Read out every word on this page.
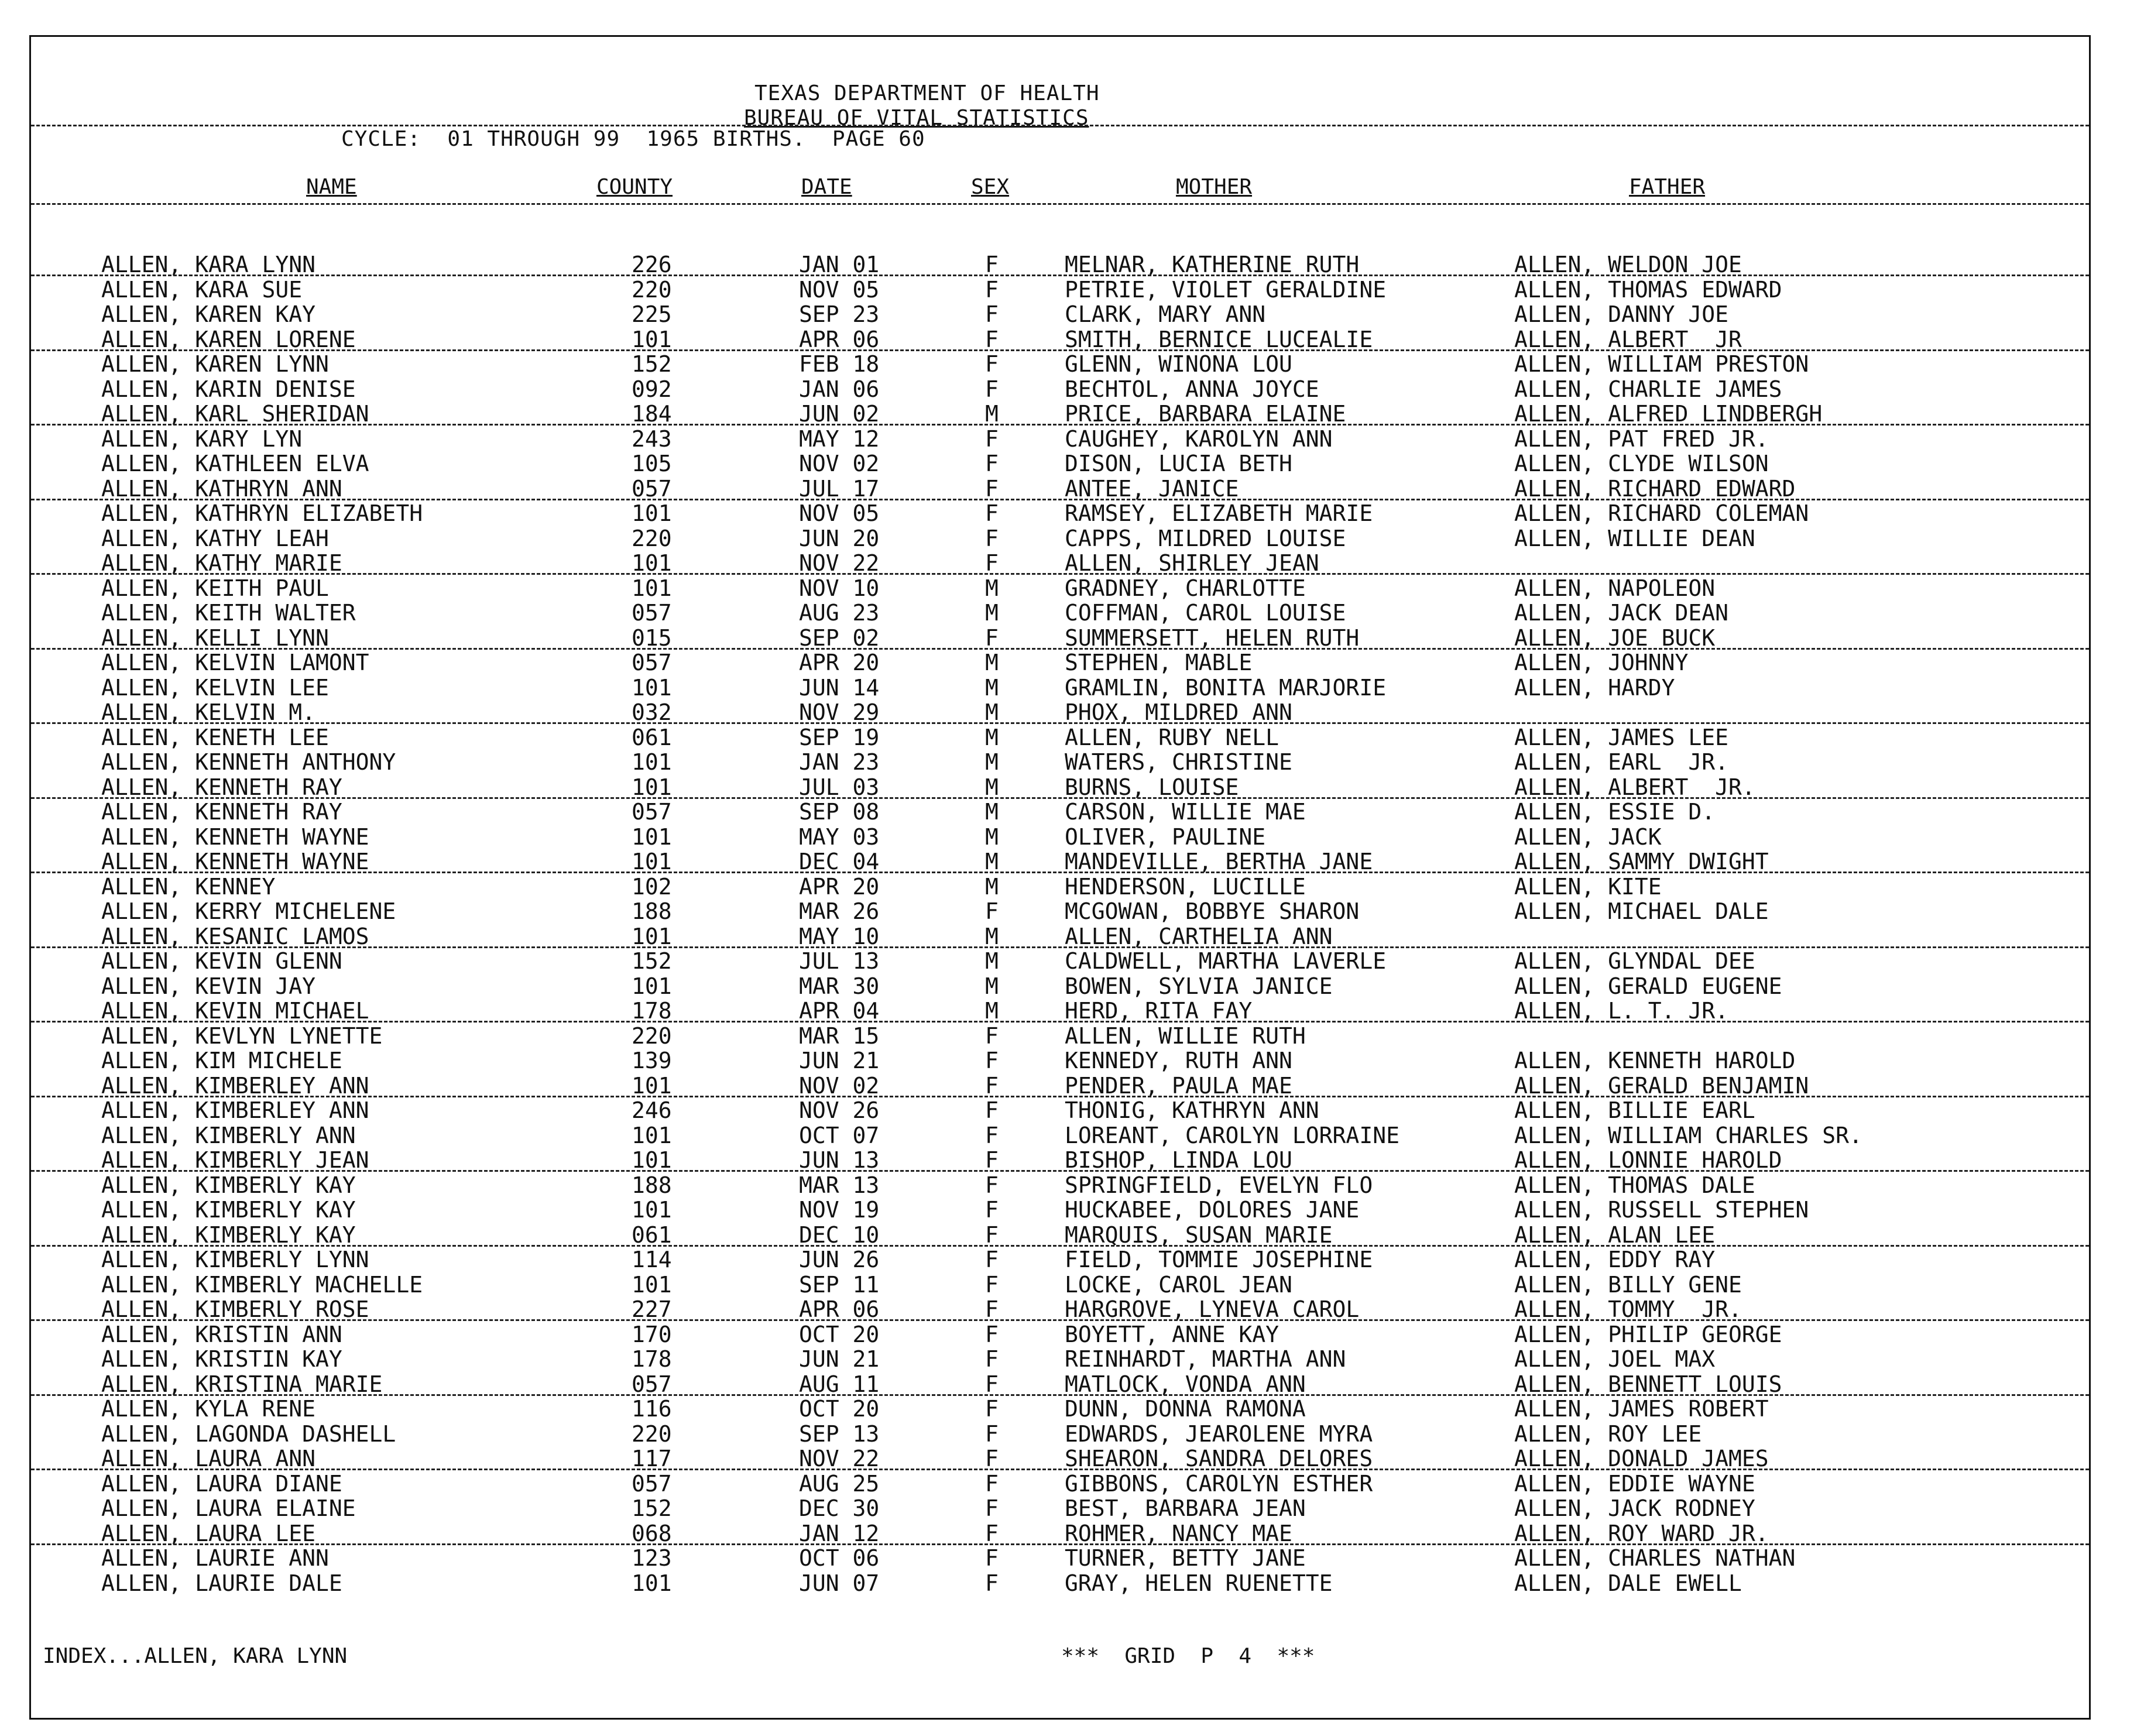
TEXAS DEPARTMENT OF HEALTH
BUREAU OF VITAL STATISTICS
CYCLE:  01 THROUGH 99  1965 BIRTHS.  PAGE 60
NAME	COUNTY	DATE	SEX	MOTHER	FATHER
ALLEN, KARA LYNN	226	JAN 01	F	MELNAR, KATHERINE RUTH	ALLEN, WELDON JOE
ALLEN, KARA SUE	220	NOV 05	F	PETRIE, VIOLET GERALDINE	ALLEN, THOMAS EDWARD
ALLEN, KAREN KAY	225	SEP 23	F	CLARK, MARY ANN	ALLEN, DANNY JOE
ALLEN, KAREN LORENE	101	APR 06	F	SMITH, BERNICE LUCEALIE	ALLEN, ALBERT  JR
ALLEN, KAREN LYNN	152	FEB 18	F	GLENN, WINONA LOU	ALLEN, WILLIAM PRESTON
ALLEN, KARIN DENISE	092	JAN 06	F	BECHTOL, ANNA JOYCE	ALLEN, CHARLIE JAMES
ALLEN, KARL SHERIDAN	184	JUN 02	M	PRICE, BARBARA ELAINE	ALLEN, ALFRED LINDBERGH
ALLEN, KARY LYN	243	MAY 12	F	CAUGHEY, KAROLYN ANN	ALLEN, PAT FRED JR.
ALLEN, KATHLEEN ELVA	105	NOV 02	F	DISON, LUCIA BETH	ALLEN, CLYDE WILSON
ALLEN, KATHRYN ANN	057	JUL 17	F	ANTEE, JANICE	ALLEN, RICHARD EDWARD
ALLEN, KATHRYN ELIZABETH	101	NOV 05	F	RAMSEY, ELIZABETH MARIE	ALLEN, RICHARD COLEMAN
ALLEN, KATHY LEAH	220	JUN 20	F	CAPPS, MILDRED LOUISE	ALLEN, WILLIE DEAN
ALLEN, KATHY MARIE	101	NOV 22	F	ALLEN, SHIRLEY JEAN
ALLEN, KEITH PAUL	101	NOV 10	M	GRADNEY, CHARLOTTE	ALLEN, NAPOLEON
ALLEN, KEITH WALTER	057	AUG 23	M	COFFMAN, CAROL LOUISE	ALLEN, JACK DEAN
ALLEN, KELLI LYNN	015	SEP 02	F	SUMMERSETT, HELEN RUTH	ALLEN, JOE BUCK
ALLEN, KELVIN LAMONT	057	APR 20	M	STEPHEN, MABLE	ALLEN, JOHNNY
ALLEN, KELVIN LEE	101	JUN 14	M	GRAMLIN, BONITA MARJORIE	ALLEN, HARDY
ALLEN, KELVIN M.	032	NOV 29	M	PHOX, MILDRED ANN
ALLEN, KENETH LEE	061	SEP 19	M	ALLEN, RUBY NELL	ALLEN, JAMES LEE
ALLEN, KENNETH ANTHONY	101	JAN 23	M	WATERS, CHRISTINE	ALLEN, EARL  JR.
ALLEN, KENNETH RAY	101	JUL 03	M	BURNS, LOUISE	ALLEN, ALBERT  JR.
ALLEN, KENNETH RAY	057	SEP 08	M	CARSON, WILLIE MAE	ALLEN, ESSIE D.
ALLEN, KENNETH WAYNE	101	MAY 03	M	OLIVER, PAULINE	ALLEN, JACK
ALLEN, KENNETH WAYNE	101	DEC 04	M	MANDEVILLE, BERTHA JANE	ALLEN, SAMMY DWIGHT
ALLEN, KENNEY	102	APR 20	M	HENDERSON, LUCILLE	ALLEN, KITE
ALLEN, KERRY MICHELENE	188	MAR 26	F	MCGOWAN, BOBBYE SHARON	ALLEN, MICHAEL DALE
ALLEN, KESANIC LAMOS	101	MAY 10	M	ALLEN, CARTHELIA ANN
ALLEN, KEVIN GLENN	152	JUL 13	M	CALDWELL, MARTHA LAVERLE	ALLEN, GLYNDAL DEE
ALLEN, KEVIN JAY	101	MAR 30	M	BOWEN, SYLVIA JANICE	ALLEN, GERALD EUGENE
ALLEN, KEVIN MICHAEL	178	APR 04	M	HERD, RITA FAY	ALLEN, L. T. JR.
ALLEN, KEVLYN LYNETTE	220	MAR 15	F	ALLEN, WILLIE RUTH
ALLEN, KIM MICHELE	139	JUN 21	F	KENNEDY, RUTH ANN	ALLEN, KENNETH HAROLD
ALLEN, KIMBERLEY ANN	101	NOV 02	F	PENDER, PAULA MAE	ALLEN, GERALD BENJAMIN
ALLEN, KIMBERLEY ANN	246	NOV 26	F	THONIG, KATHRYN ANN	ALLEN, BILLIE EARL
ALLEN, KIMBERLY ANN	101	OCT 07	F	LOREANT, CAROLYN LORRAINE	ALLEN, WILLIAM CHARLES SR.
ALLEN, KIMBERLY JEAN	101	JUN 13	F	BISHOP, LINDA LOU	ALLEN, LONNIE HAROLD
ALLEN, KIMBERLY KAY	188	MAR 13	F	SPRINGFIELD, EVELYN FLO	ALLEN, THOMAS DALE
ALLEN, KIMBERLY KAY	101	NOV 19	F	HUCKABEE, DOLORES JANE	ALLEN, RUSSELL STEPHEN
ALLEN, KIMBERLY KAY	061	DEC 10	F	MARQUIS, SUSAN MARIE	ALLEN, ALAN LEE
ALLEN, KIMBERLY LYNN	114	JUN 26	F	FIELD, TOMMIE JOSEPHINE	ALLEN, EDDY RAY
ALLEN, KIMBERLY MACHELLE	101	SEP 11	F	LOCKE, CAROL JEAN	ALLEN, BILLY GENE
ALLEN, KIMBERLY ROSE	227	APR 06	F	HARGROVE, LYNEVA CAROL	ALLEN, TOMMY  JR.
ALLEN, KRISTIN ANN	170	OCT 20	F	BOYETT, ANNE KAY	ALLEN, PHILIP GEORGE
ALLEN, KRISTIN KAY	178	JUN 21	F	REINHARDT, MARTHA ANN	ALLEN, JOEL MAX
ALLEN, KRISTINA MARIE	057	AUG 11	F	MATLOCK, VONDA ANN	ALLEN, BENNETT LOUIS
ALLEN, KYLA RENE	116	OCT 20	F	DUNN, DONNA RAMONA	ALLEN, JAMES ROBERT
ALLEN, LAGONDA DASHELL	220	SEP 13	F	EDWARDS, JEAROLENE MYRA	ALLEN, ROY LEE
ALLEN, LAURA ANN	117	NOV 22	F	SHEARON, SANDRA DELORES	ALLEN, DONALD JAMES
ALLEN, LAURA DIANE	057	AUG 25	F	GIBBONS, CAROLYN ESTHER	ALLEN, EDDIE WAYNE
ALLEN, LAURA ELAINE	152	DEC 30	F	BEST, BARBARA JEAN	ALLEN, JACK RODNEY
ALLEN, LAURA LEE	068	JAN 12	F	ROHMER, NANCY MAE	ALLEN, ROY WARD JR.
ALLEN, LAURIE ANN	123	OCT 06	F	TURNER, BETTY JANE	ALLEN, CHARLES NATHAN
ALLEN, LAURIE DALE	101	JUN 07	F	GRAY, HELEN RUENETTE	ALLEN, DALE EWELL
INDEX...ALLEN, KARA LYNN	***  GRID  P  4  ***
